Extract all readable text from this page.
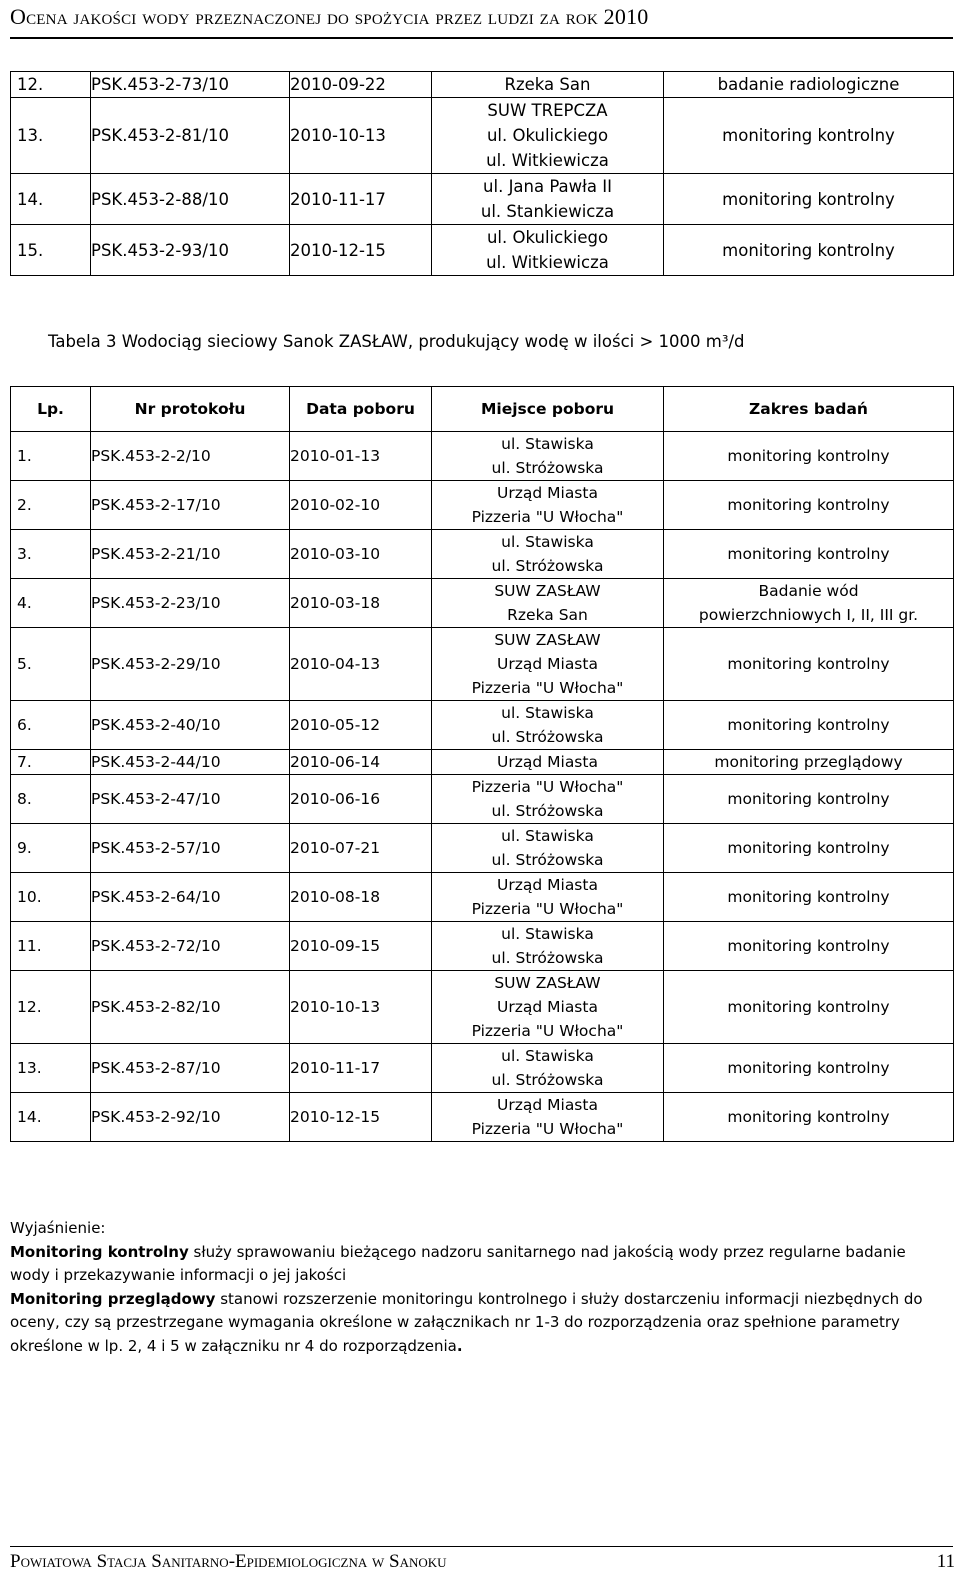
Ocena jakości wody przeznaczonej do spożycia przez ludzi za rok 2010
12.	PSK.453-2-73/10	2010-09-22	Rzeka San	badanie radiologiczne
13.	PSK.453-2-81/10	2010-10-13	SUW TREPCZA
ul. Okulickiego
ul. Witkiewicza	monitoring kontrolny
14.	PSK.453-2-88/10	2010-11-17	ul. Jana Pawła II
ul. Stankiewicza	monitoring kontrolny
15.	PSK.453-2-93/10	2010-12-15	ul. Okulickiego
ul. Witkiewicza	monitoring kontrolny
Tabela 3 Wodociąg sieciowy Sanok ZASŁAW, produkujący wodę w ilości > 1000 m³/d
Lp.	Nr protokołu	Data poboru	Miejsce poboru	Zakres badań
1.	PSK.453-2-2/10	2010-01-13	ul. Stawiska
ul. Stróżowska	monitoring kontrolny

2.	PSK.453-2-17/10	2010-02-10	Urząd Miasta
Pizzeria "U Włocha"	monitoring kontrolny

3.	PSK.453-2-21/10	2010-03-10	ul. Stawiska
ul. Stróżowska	monitoring kontrolny

4.	PSK.453-2-23/10	2010-03-18	SUW ZASŁAW
Rzeka San	Badanie wód
powierzchniowych I, II, III gr.

5.	PSK.453-2-29/10	2010-04-13	SUW ZASŁAW
Urząd Miasta
Pizzeria "U Włocha"	monitoring kontrolny

6.	PSK.453-2-40/10	2010-05-12	ul. Stawiska
ul. Stróżowska	monitoring kontrolny

7.	PSK.453-2-44/10	2010-06-14	Urząd Miasta	monitoring przeglądowy

8.	PSK.453-2-47/10	2010-06-16	Pizzeria "U Włocha"
ul. Stróżowska	monitoring kontrolny

9.	PSK.453-2-57/10	2010-07-21	ul. Stawiska
ul. Stróżowska	monitoring kontrolny

10.	PSK.453-2-64/10	2010-08-18	Urząd Miasta
Pizzeria "U Włocha"	monitoring kontrolny

11.	PSK.453-2-72/10	2010-09-15	ul. Stawiska
ul. Stróżowska	monitoring kontrolny

12.	PSK.453-2-82/10	2010-10-13	SUW ZASŁAW
Urząd Miasta
Pizzeria "U Włocha"	monitoring kontrolny

13.	PSK.453-2-87/10	2010-11-17	ul. Stawiska
ul. Stróżowska	monitoring kontrolny

14.	PSK.453-2-92/10	2010-12-15	Urząd Miasta
Pizzeria "U Włocha"	monitoring kontrolny
Wyjaśnienie:
Monitoring kontrolny służy sprawowaniu bieżącego nadzoru sanitarnego nad jakością wody przez regularne badanie wody i przekazywanie informacji o jej jakości
Monitoring przeglądowy stanowi rozszerzenie monitoringu kontrolnego i służy dostarczeniu informacji niezbędnych do oceny, czy są przestrzegane wymagania określone w załącznikach nr 1-3 do rozporządzenia oraz spełnione parametry określone w lp. 2, 4 i 5 w załączniku nr 4 do rozporządzenia.
Powiatowa Stacja Sanitarno-Epidemiologiczna w Sanoku	11
